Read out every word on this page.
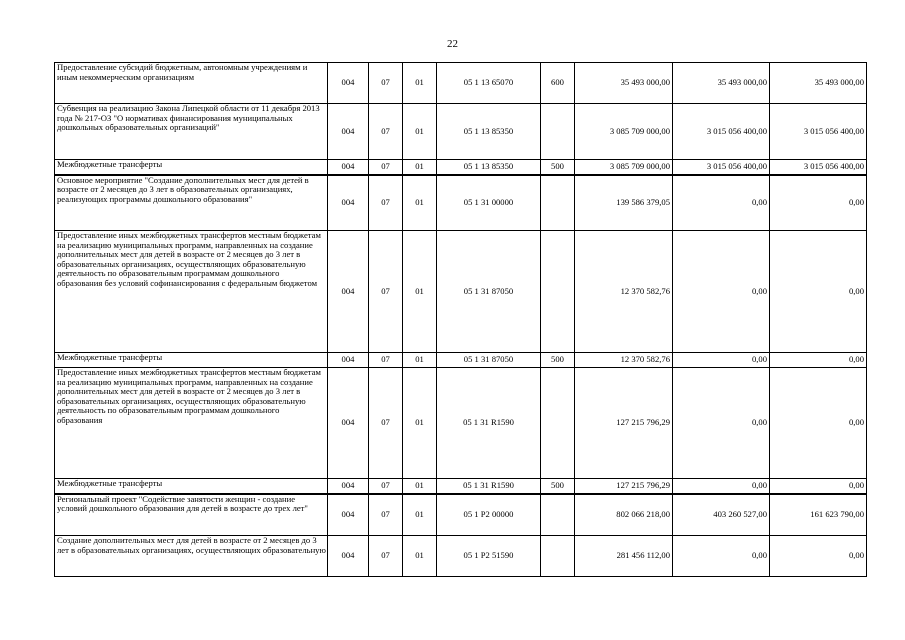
22
Предоставление субсидий бюджетным, автономным учреждениям и иным некоммерческим организациям	004	07	01	05 1 13 65070	600	35 493 000,00	35 493 000,00	35 493 000,00
Субвенция на реализацию Закона Липецкой области от 11 декабря 2013 года № 217-ОЗ "О нормативах финансирования муниципальных дошкольных образовательных организаций"	004	07	01	05 1 13 85350		3 085 709 000,00	3 015 056 400,00	3 015 056 400,00
Межбюджетные трансферты	004	07	01	05 1 13 85350	500	3 085 709 000,00	3 015 056 400,00	3 015 056 400,00
Основное мероприятие "Создание дополнительных мест для детей в возрасте от 2 месяцев до 3 лет в образовательных организациях, реализующих программы дошкольного образования"	004	07	01	05 1 31 00000		139 586 379,05	0,00	0,00
Предоставление иных межбюджетных трансфертов местным бюджетам на реализацию муниципальных программ, направленных на создание дополнительных мест для детей в возрасте от 2 месяцев до 3 лет в образовательных организациях, осуществляющих образовательную деятельность по образовательным программам дошкольного образования без условий софинансирования с федеральным бюджетом	004	07	01	05 1 31 87050		12 370 582,76	0,00	0,00
Межбюджетные трансферты	004	07	01	05 1 31 87050	500	12 370 582,76	0,00	0,00
Предоставление иных межбюджетных трансфертов местным бюджетам на реализацию муниципальных программ, направленных на создание дополнительных мест для детей в возрасте от 2 месяцев до 3 лет в образовательных организациях, осуществляющих образовательную деятельность по образовательным программам дошкольного образования	004	07	01	05 1 31 R1590		127 215 796,29	0,00	0,00
Межбюджетные трансферты	004	07	01	05 1 31 R1590	500	127 215 796,29	0,00	0,00
Региональный проект "Содействие занятости женщин - создание условий дошкольного образования для детей в возрасте до трех лет"	004	07	01	05 1 P2 00000		802 066 218,00	403 260 527,00	161 623 790,00
Создание дополнительных мест для детей в возрасте от 2 месяцев до 3 лет в образовательных организациях, осуществляющих образовательную	004	07	01	05 1 P2 51590		281 456 112,00	0,00	0,00
